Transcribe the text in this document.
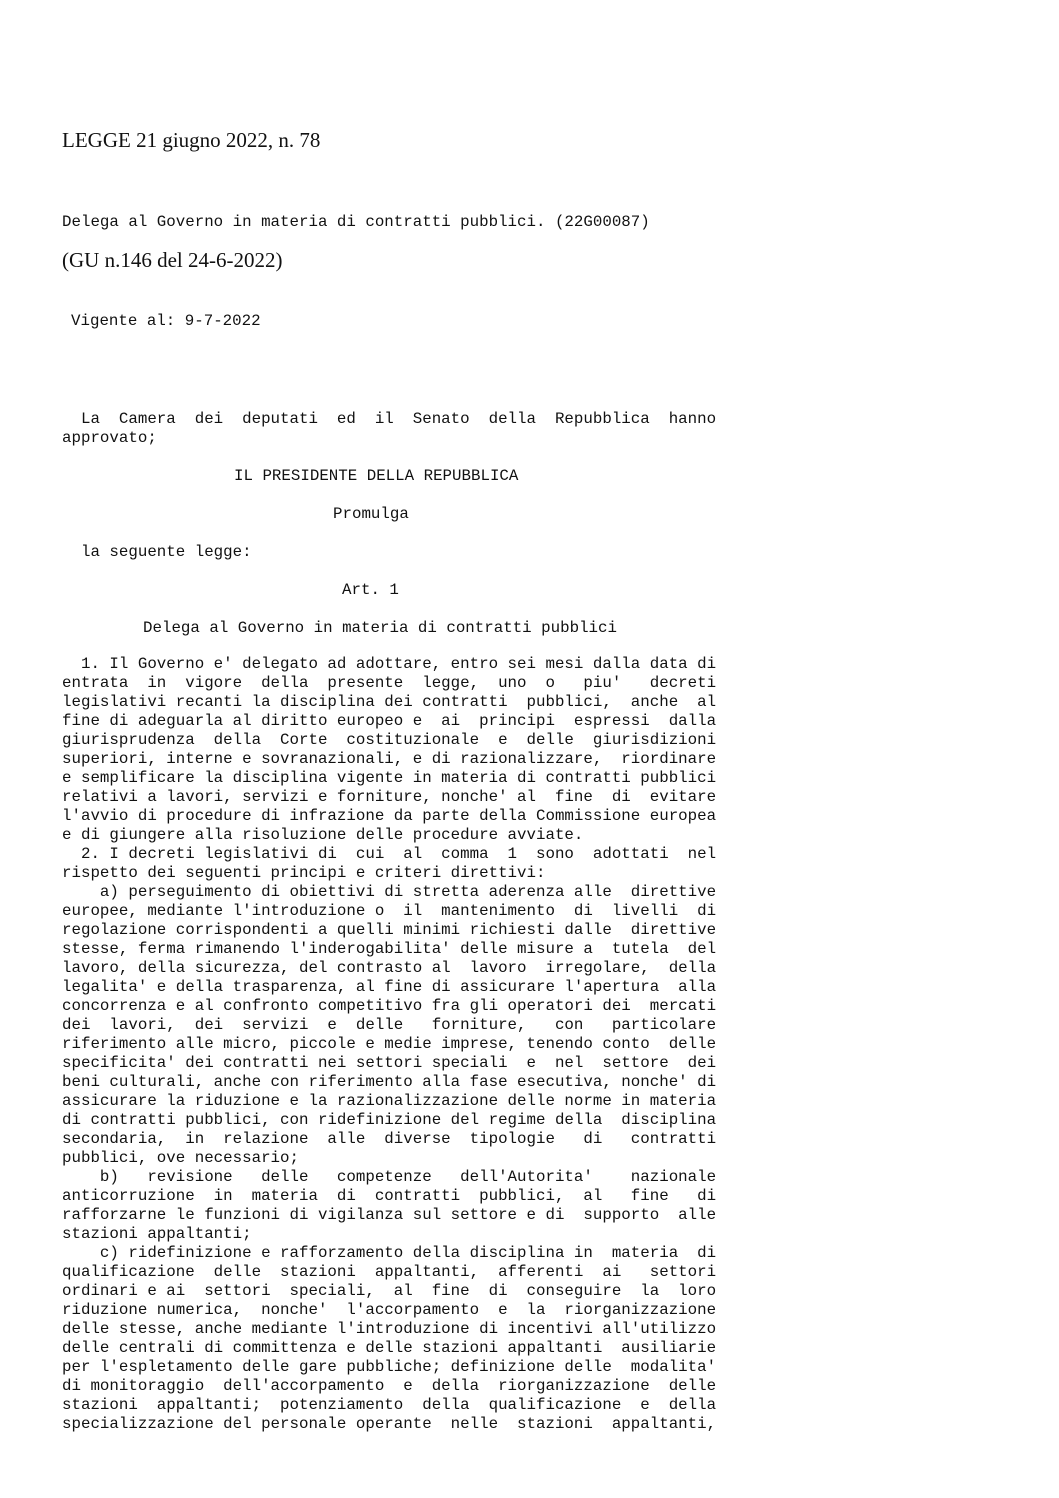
LEGGE 21 giugno 2022, n. 78
Delega al Governo in materia di contratti pubblici. (22G00087)
(GU n.146 del 24-6-2022)
Vigente al: 9-7-2022
La  Camera  dei  deputati  ed  il  Senato  della  Repubblica  hanno
approvato;
IL PRESIDENTE DELLA REPUBBLICA
Promulga
la seguente legge:
Art. 1
Delega al Governo in materia di contratti pubblici
1. Il Governo e' delegato ad adottare, entro sei mesi dalla data di
entrata  in  vigore  della  presente  legge,  uno  o   piu'   decreti
legislativi recanti la disciplina dei contratti  pubblici,  anche  al
fine di adeguarla al diritto europeo e  ai  principi  espressi  dalla
giurisprudenza  della  Corte  costituzionale  e  delle  giurisdizioni
superiori, interne e sovranazionali, e di razionalizzare,  riordinare
e semplificare la disciplina vigente in materia di contratti pubblici
relativi a lavori, servizi e forniture, nonche' al  fine  di  evitare
l'avvio di procedure di infrazione da parte della Commissione europea
e di giungere alla risoluzione delle procedure avviate.
2. I decreti legislativi di  cui  al  comma  1  sono  adottati  nel
rispetto dei seguenti principi e criteri direttivi:
a) perseguimento di obiettivi di stretta aderenza alle  direttive
europee, mediante l'introduzione o  il  mantenimento  di  livelli  di
regolazione corrispondenti a quelli minimi richiesti dalle  direttive
stesse, ferma rimanendo l'inderogabilita' delle misure a  tutela  del
lavoro, della sicurezza, del contrasto al  lavoro  irregolare,  della
legalita' e della trasparenza, al fine di assicurare l'apertura  alla
concorrenza e al confronto competitivo fra gli operatori dei  mercati
dei  lavori,  dei  servizi  e  delle   forniture,   con   particolare
riferimento alle micro, piccole e medie imprese, tenendo conto  delle
specificita' dei contratti nei settori speciali  e  nel  settore  dei
beni culturali, anche con riferimento alla fase esecutiva, nonche' di
assicurare la riduzione e la razionalizzazione delle norme in materia
di contratti pubblici, con ridefinizione del regime della  disciplina
secondaria,  in  relazione  alle  diverse  tipologie   di   contratti
pubblici, ove necessario;
b)   revisione   delle   competenze   dell'Autorita'    nazionale
anticorruzione  in  materia  di  contratti  pubblici,  al   fine   di
rafforzarne le funzioni di vigilanza sul settore e di  supporto  alle
stazioni appaltanti;
c) ridefinizione e rafforzamento della disciplina in  materia  di
qualificazione  delle  stazioni  appaltanti,  afferenti  ai   settori
ordinari e ai  settori  speciali,  al  fine  di  conseguire  la  loro
riduzione numerica,  nonche'  l'accorpamento  e  la  riorganizzazione
delle stesse, anche mediante l'introduzione di incentivi all'utilizzo
delle centrali di committenza e delle stazioni appaltanti  ausiliarie
per l'espletamento delle gare pubbliche; definizione delle  modalita'
di monitoraggio  dell'accorpamento  e  della  riorganizzazione  delle
stazioni  appaltanti;  potenziamento  della  qualificazione  e  della
specializzazione del personale operante  nelle  stazioni  appaltanti,
